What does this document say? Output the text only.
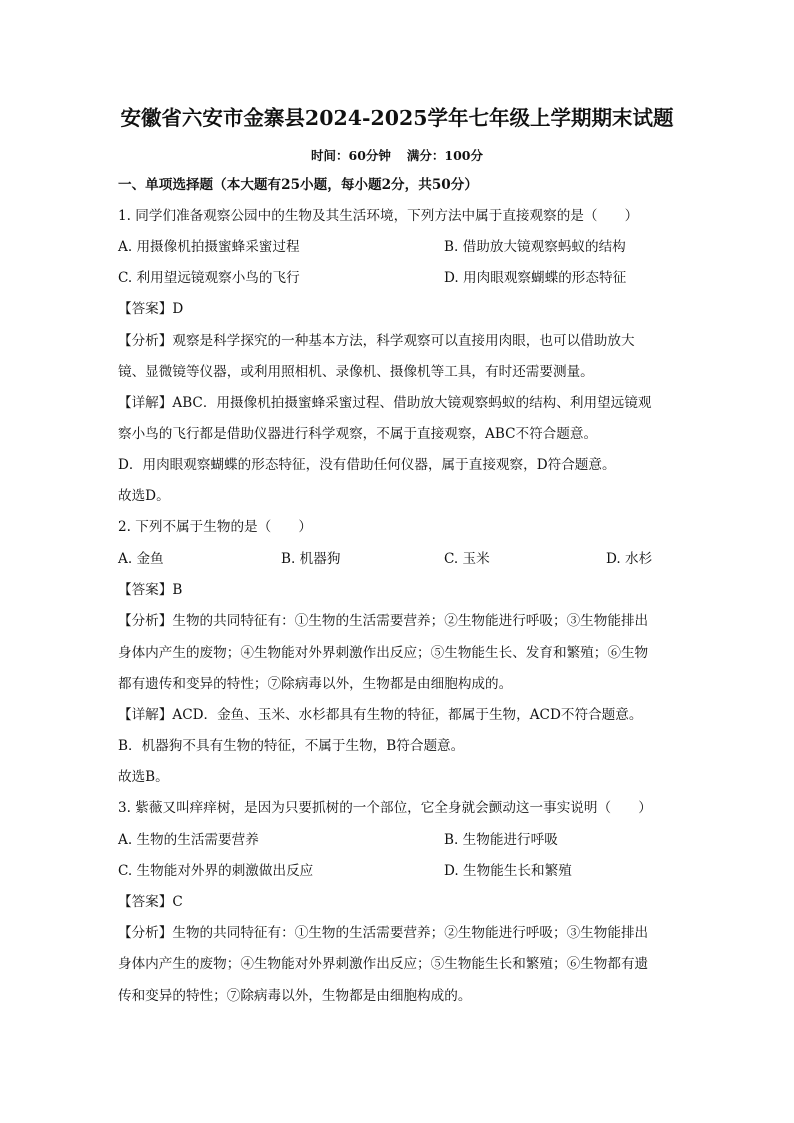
安徽省六安市金寨县2024-2025学年七年级上学期期末试题
时间：60分钟 满分：100分
一、单项选择题（本大题有25小题，每小题2分，共50分）
1. 同学们准备观察公园中的生物及其生活环境，下列方法中属于直接观察的是（　　）
A. 用摄像机拍摄蜜蜂采蜜过程	B. 借助放大镜观察蚂蚁的结构
C. 利用望远镜观察小鸟的飞行	D. 用肉眼观察蝴蝶的形态特征
【答案】D
【分析】观察是科学探究的一种基本方法，科学观察可以直接用肉眼，也可以借助放大
镜、显微镜等仪器，或利用照相机、录像机、摄像机等工具，有时还需要测量。
【详解】ABC．用摄像机拍摄蜜蜂采蜜过程、借助放大镜观察蚂蚁的结构、利用望远镜观
察小鸟的飞行都是借助仪器进行科学观察，不属于直接观察，ABC不符合题意。
D．用肉眼观察蝴蝶的形态特征，没有借助任何仪器，属于直接观察，D符合题意。
故选D。
2. 下列不属于生物的是（　　）
A. 金鱼	B. 机器狗	C. 玉米	D. 水杉
【答案】B
【分析】生物的共同特征有：①生物的生活需要营养；②生物能进行呼吸；③生物能排出
身体内产生的废物；④生物能对外界刺激作出反应；⑤生物能生长、发育和繁殖；⑥生物
都有遗传和变异的特性；⑦除病毒以外，生物都是由细胞构成的。
【详解】ACD．金鱼、玉米、水杉都具有生物的特征，都属于生物，ACD不符合题意。
B．机器狗不具有生物的特征，不属于生物，B符合题意。
故选B。
3. 紫薇又叫痒痒树，是因为只要抓树的一个部位，它全身就会颤动这一事实说明（　　）
A. 生物的生活需要营养	B. 生物能进行呼吸
C. 生物能对外界的刺激做出反应	D. 生物能生长和繁殖
【答案】C
【分析】生物的共同特征有：①生物的生活需要营养；②生物能进行呼吸；③生物能排出
身体内产生的废物；④生物能对外界刺激作出反应；⑤生物能生长和繁殖；⑥生物都有遗
传和变异的特性；⑦除病毒以外，生物都是由细胞构成的。
